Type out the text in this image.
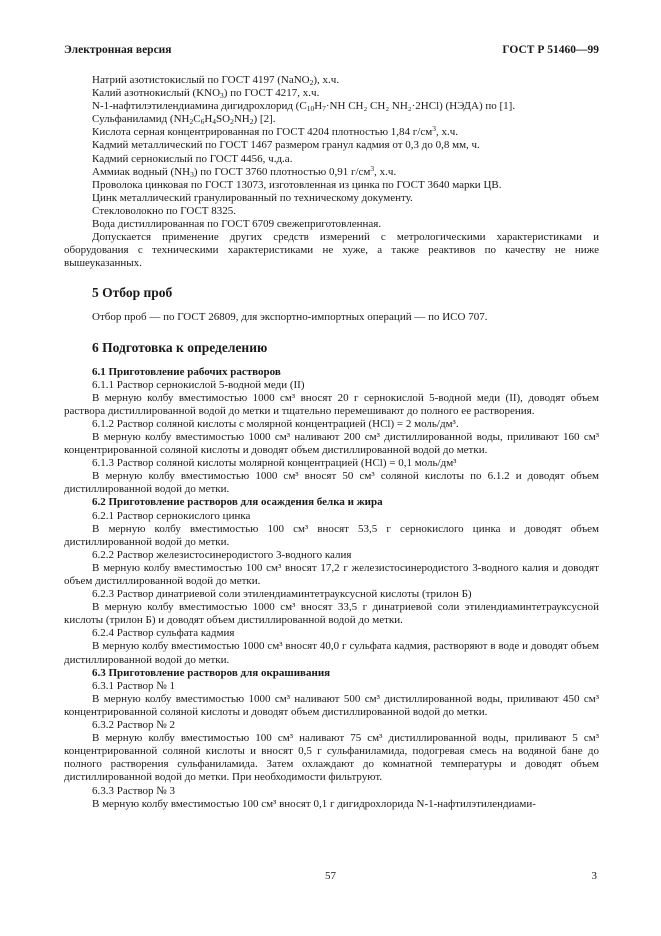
Электронная версия	ГОСТ Р 51460—99

Натрий азотистокислый по ГОСТ 4197 (NaNO$_2$), х.ч.

Калий азотнокислый $(KNO_3)$ по ГОСТ 4217, х.ч.

N-1-нафтилэтилендиамина дигидрохлорид ($C_{10}H_7\cdot NH$ CH₂ CH₂ NH₂·2HCl) (НЭДА) по [1].

Сульфаниламид $(NH_2C_6H_4SO_2NH_2)$ [2].

Кислота серная концентрированная по ГОСТ 4204 плотностью 1,84 $г/см^3$, х.ч.

Кадмий металлический по ГОСТ 1467 размером гранул кадмия от 0,3 до 0,8 мм, ч.

Кадмий сернокислый по ГОСТ 4456, ч.д.а.

Аммиак водный $(NH_3)$ по ГОСТ 3760 плотностью 0,91 $г/см^3$, х.ч.

Проволока цинковая по ГОСТ 13073, изготовленная из цинка по ГОСТ 3640 марки ЦВ.

Цинк металлический гранулированный по техническому документу.

Стекловолокно по ГОСТ 8325.

Вода дистиллированная по ГОСТ 6709 свежеприготовленная.

Допускается применение других средств измерений с метрологическими характеристиками и оборудования с техническими характеристиками не хуже, а также реактивов по качеству не ниже вышеуказанных.

5 Отбор проб

Отбор проб — по ГОСТ 26809, для экспортно-импортных операций — по ИСО 707.

6 Подготовка к определению

6.1 Приготовление рабочих растворов

6.1.1 Раствор сернокислой 5-водной меди (II)

В мерную колбу вместимостью 1000 см³ вносят 20 г сернокислой 5-водной меди (II), доводят объем раствора дистиллированной водой до метки и тщательно перемешивают до полного ее растворения.

6.1.2 Раствор соляной кислоты с молярной концентрацией (HCl) = 2 моль/дм³.

В мерную колбу вместимостью 1000 см³ наливают 200 см³ дистиллированной воды, приливают 160 см³ концентрированной соляной кислоты и доводят объем дистиллированной водой до метки.

6.1.3 Раствор соляной кислоты молярной концентрацией (HCl) = 0,1 моль/дм³

В мерную колбу вместимостью 1000 см³ вносят 50 см³ соляной кислоты по 6.1.2 и доводят объем дистиллированной водой до метки.

6.2 Приготовление растворов для осаждения белка и жира

6.2.1 Раствор сернокислого цинка

В мерную колбу вместимостью 100 см³ вносят 53,5 г сернокислого цинка и доводят объем дистиллированной водой до метки.

6.2.2 Раствор железистосинеродистого 3-водного калия

В мерную колбу вместимостью 100 см³ вносят 17,2 г железистосинеродистого 3-водного калия и доводят объем дистиллированной водой до метки.

6.2.3 Раствор динатриевой соли этилендиаминтетрауксусной кислоты (трилон Б)

В мерную колбу вместимостью 1000 см³ вносят 33,5 г динатриевой соли этилендиаминтетрауксусной кислоты (трилон Б) и доводят объем дистиллированной водой до метки.

6.2.4 Раствор сульфата кадмия

В мерную колбу вместимостью 1000 см³ вносят 40,0 г сульфата кадмия, растворяют в воде и доводят объем дистиллированной водой до метки.

6.3 Приготовление растворов для окрашивания

6.3.1 Раствор № 1

В мерную колбу вместимостью 1000 см³ наливают 500 см³ дистиллированной воды, приливают 450 см³ концентрированной соляной кислоты и доводят объем дистиллированной водой до метки.

6.3.2 Раствор № 2

В мерную колбу вместимостью 100 см³ наливают 75 см³ дистиллированной воды, приливают 5 см³ концентрированной соляной кислоты и вносят 0,5 г сульфаниламида, подогревая смесь на водяной бане до полного растворения сульфаниламида. Затем охлаждают до комнатной температуры и доводят объем дистиллированной водой до метки. При необходимости фильтруют.

6.3.3 Раствор № 3

В мерную колбу вместимостью 100 см³ вносят 0,1 г дигидрохлорида N-1-нафтилэтилендиами-

57	3
